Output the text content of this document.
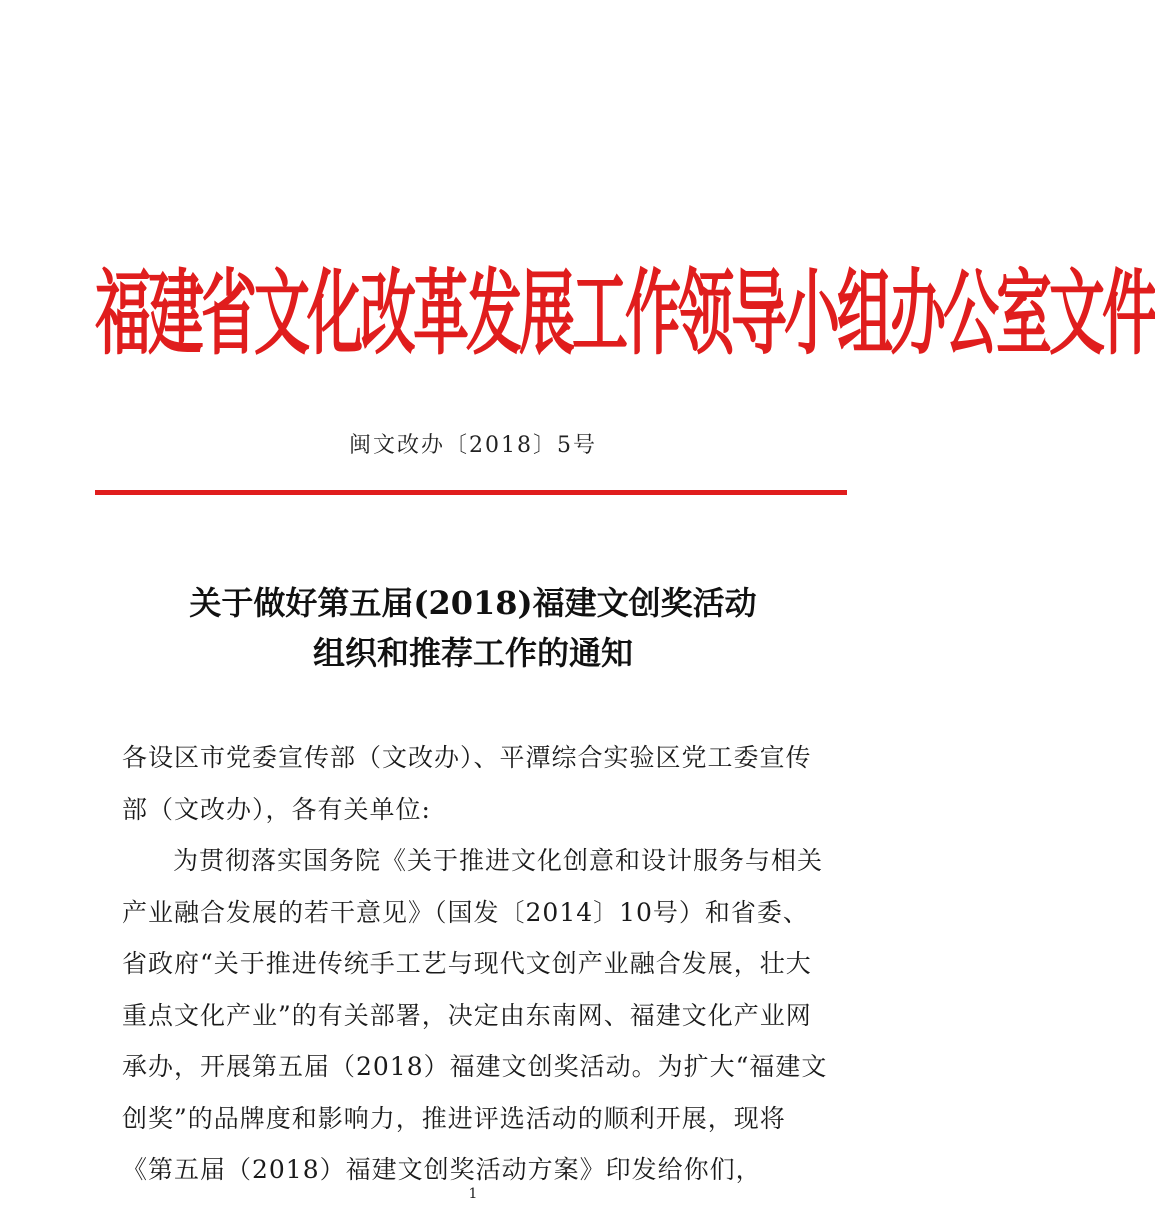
福建省文化改革发展工作领导小组办公室文件
闽文改办〔2018〕5号
关于做好第五届(2018)福建文创奖活动
组织和推荐工作的通知

各设区市党委宣传部（文改办）、平潭综合实验区党工委宣传部（文改办），各有关单位:

为贯彻落实国务院《关于推进文化创意和设计服务与相关产业融合发展的若干意见》（国发〔2014〕10号）和省委、省政府“关于推进传统手工艺与现代文创产业融合发展，壮大重点文化产业”的有关部署，决定由东南网、福建文化产业网承办，开展第五届（2018）福建文创奖活动。为扩大“福建文创奖”的品牌度和影响力，推进评选活动的顺利开展，现将《第五届（2018）福建文创奖活动方案》印发给你们，

1
